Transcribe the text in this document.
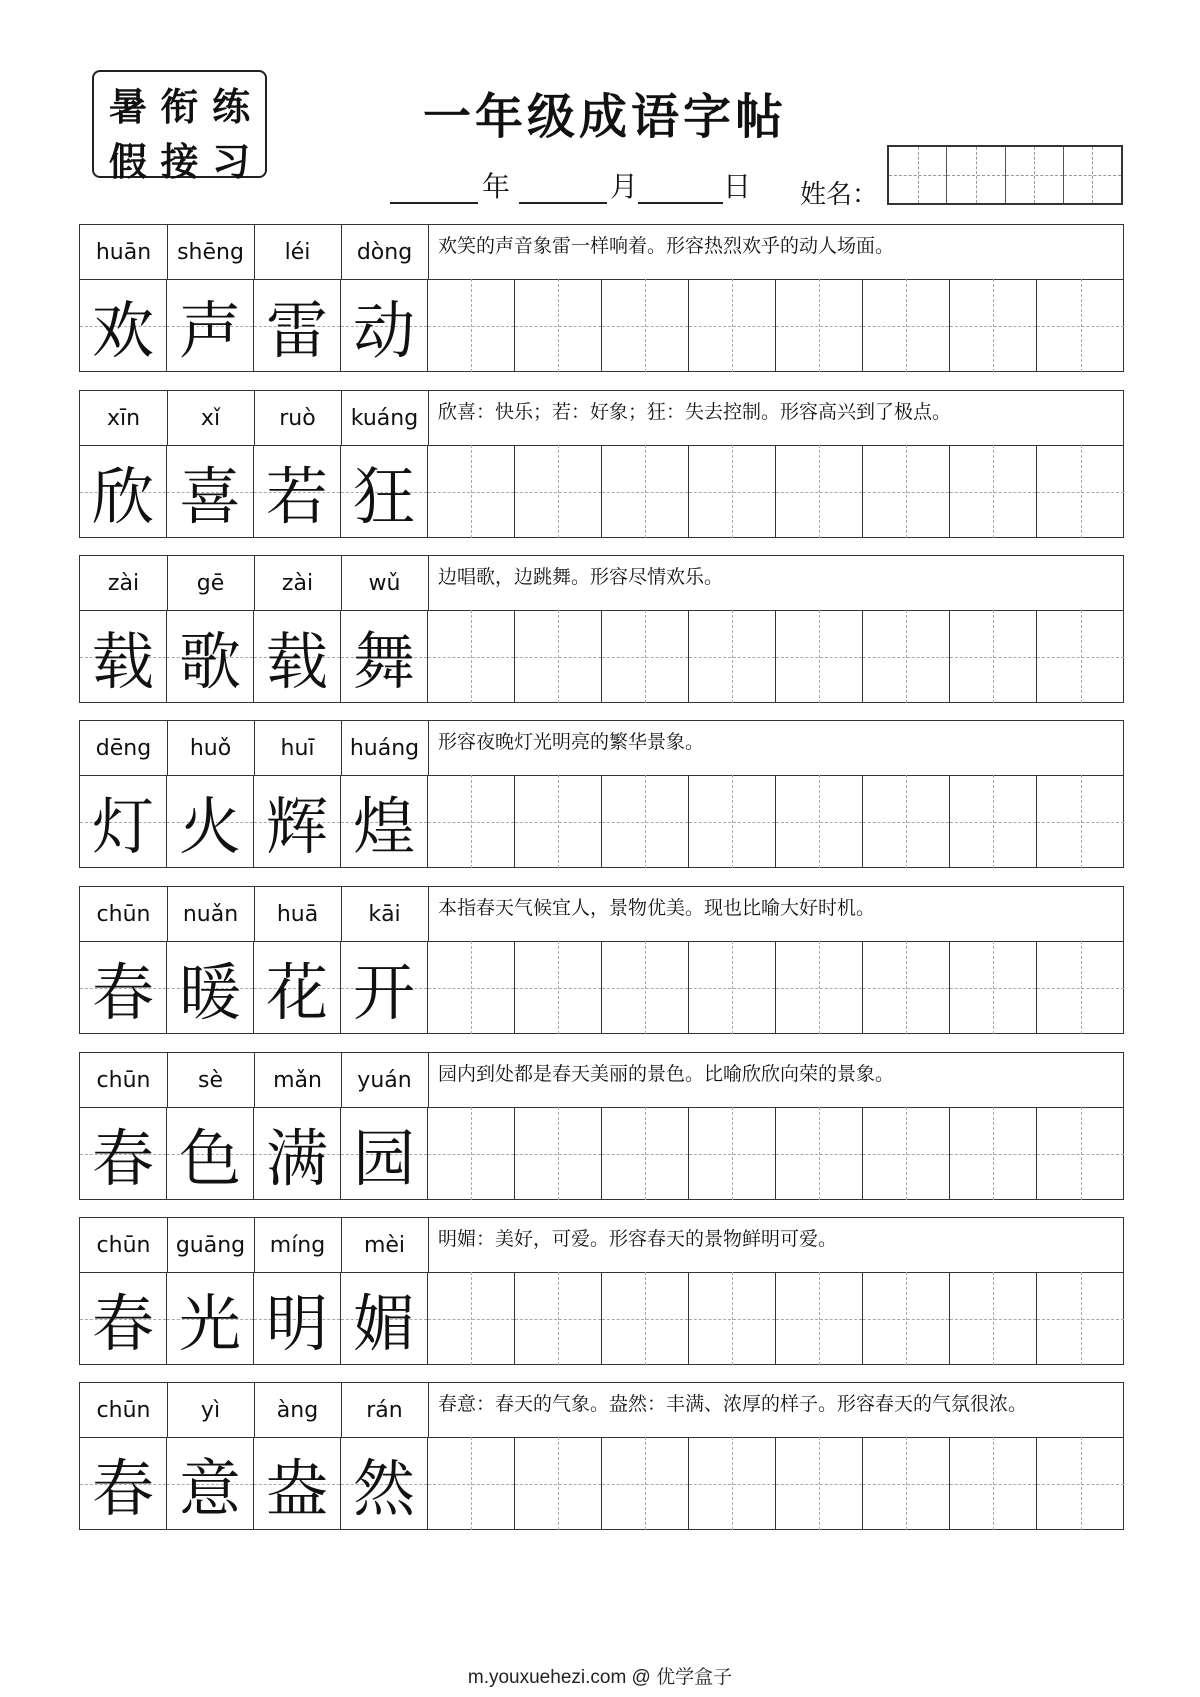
暑 衔 练
假 接 习
一年级成语字帖
年	月	日 姓名：
huān	shēng	léi	dòng	欢笑的声音象雷一样响着。形容热烈欢乎的动人场面。
欢 声 雷 动
xīn	xǐ	ruò	kuáng	欣喜：快乐；若：好象；狂：失去控制。形容高兴到了极点。
欣 喜 若 狂
zài	gē	zài	wǔ	边唱歌，边跳舞。形容尽情欢乐。
载 歌 载 舞
dēng	huǒ	huī	huáng 形容夜晚灯光明亮的繁华景象。
灯 火 辉 煌
chūn	nuǎn	huā	kāi	本指春天气候宜人，景物优美。现也比喻大好时机。
春 暖 花 开
chūn	sè	mǎn	yuán	园内到处都是春天美丽的景色。比喻欣欣向荣的景象。
春 色 满 园
chūn	guāng	míng	mèi	明媚：美好，可爱。形容春天的景物鲜明可爱。
春 光 明 媚
chūn	yì	àng	rán	春意：春天的气象。盎然：丰满、浓厚的样子。形容春天的气氛很浓。
春 意 盎 然
m.youxuehezi.com @ 优学盒子
